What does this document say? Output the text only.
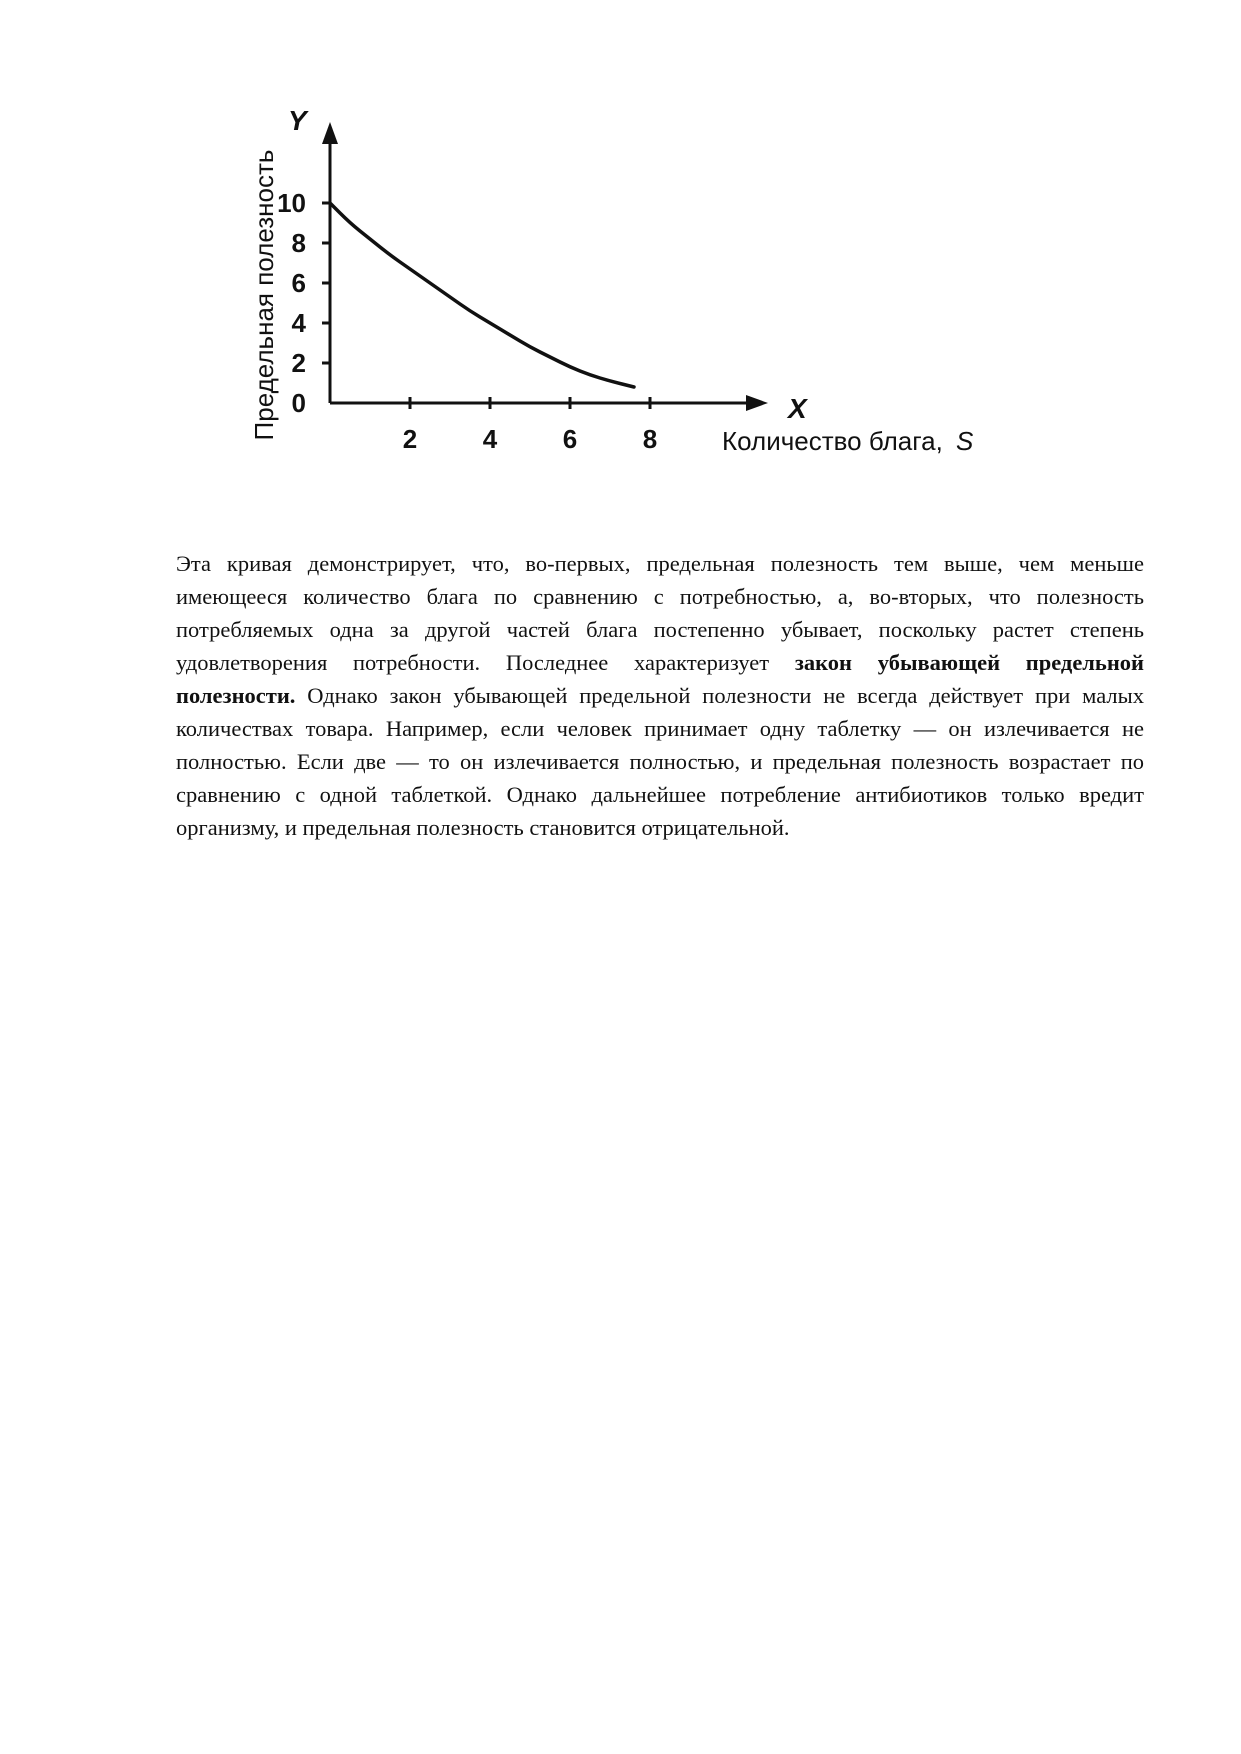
Предельная полезность
Y
X
Количество блага, S
2	4	6	8
0
2
4
6
8
10

Эта кривая демонстрирует, что, во-первых, предельная полезность тем выше, чем меньше имеющееся количество блага по сравнению с потребностью, а, во-вторых, что полезность потребляемых одна за другой частей блага постепенно убывает, поскольку растет степень удовлетворения потребности. Последнее характеризует закон убывающей предельной полезности. Однако закон убывающей предельной полезности не всегда действует при малых количествах товара. Например, если человек принимает одну таблетку — он излечивается не полностью. Если две — то он излечивается полностью, и предельная полезность возрастает по сравнению с одной таблеткой. Однако дальнейшее потребление антибиотиков только вредит организму, и предельная полезность становится отрицательной.
